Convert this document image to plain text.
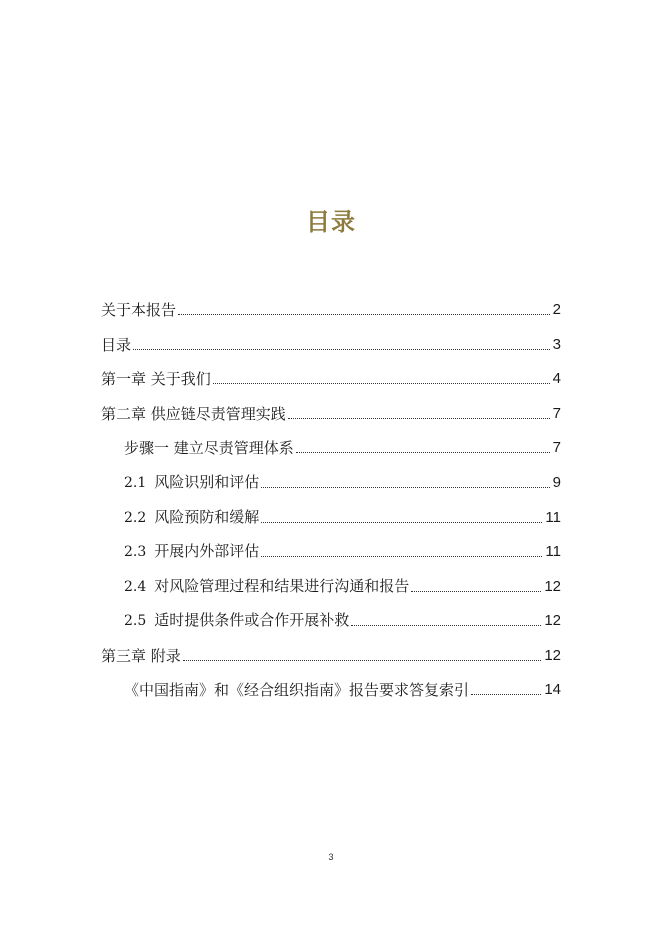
目录
关于本报告	2
目录	3
第一章 关于我们	4
第二章 供应链尽责管理实践	7
步骤一 建立尽责管理体系	7
2.1 风险识别和评估	9
2.2 风险预防和缓解	11
2.3 开展内外部评估	11
2.4 对风险管理过程和结果进行沟通和报告	12
2.5 适时提供条件或合作开展补救	12
第三章 附录	12
《中国指南》和《经合组织指南》报告要求答复索引	14
3
